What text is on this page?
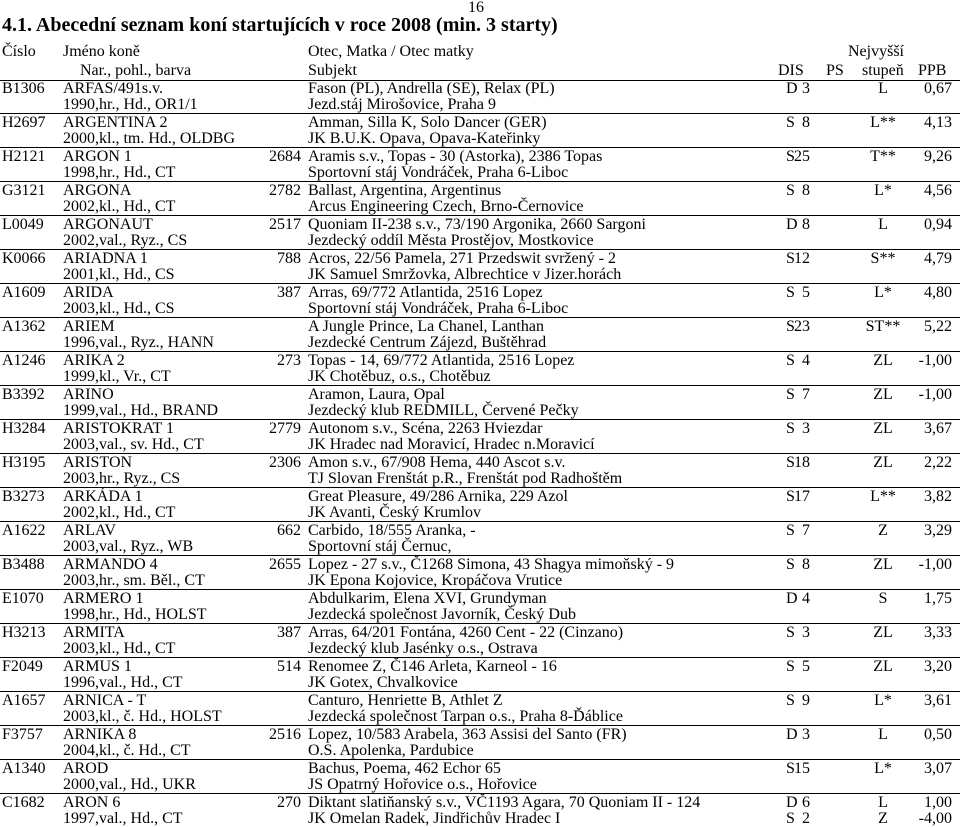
16
4.1. Abecední seznam koní startujících v roce 2008 (min. 3 starty)
Číslo Jméno koně	Otec, Matka / Otec matky	Nejvyšší
Nar., pohl., barva	Subjekt	DIS PS stupeň PPB
B1306 ARFAS/491s.v.	Fason (PL), Andrella (SE), Relax (PL)	D 3	L	0,67
1990,hr., Hd., OR1/1	Jezd.stáj Mirošovice, Praha 9
H2697 ARGENTINA 2	Amman, Silla K, Solo Dancer (GER)	S 8	L**	4,13
2000,kl., tm. Hd., OLDBG	JK B.U.K. Opava, Opava-Kateřinky
H2121 ARGON 1	2684 Aramis s.v., Topas - 30 (Astorka), 2386 Topas	S 25	T**	9,26
1998,hr., Hd., CT	Sportovní stáj Vondráček, Praha 6-Liboc
G3121 ARGONA	2782 Ballast, Argentina, Argentinus	S 8	L*	4,56
2002,kl., Hd., CT	Arcus Engineering Czech, Brno-Černovice
L0049 ARGONAUT	2517 Quoniam II-238 s.v., 73/190 Argonika, 2660 Sargoni	D 8	L	0,94
2002,val., Ryz., CS	Jezdecký oddíl Města Prostějov, Mostkovice
K0066 ARIADNA 1	788 Acros, 22/56 Pamela, 271 Przedswit svržený - 2	S 12	S**	4,79
2001,kl., Hd., CS	JK Samuel Smržovka, Albrechtice v Jizer.horách
A1609 ARIDA	387 Arras, 69/772 Atlantida, 2516 Lopez	S 5	L*	4,80
2003,kl., Hd., CS	Sportovní stáj Vondráček, Praha 6-Liboc
A1362 ARIEM	A Jungle Prince, La Chanel, Lanthan	S 23	ST**	5,22
1996,val., Ryz., HANN	Jezdecké Centrum Zájezd, Buštěhrad
A1246 ARIKA 2	273 Topas - 14, 69/772 Atlantida, 2516 Lopez	S 4	ZL	-1,00
1999,kl., Vr., CT	JK Chotěbuz, o.s., Chotěbuz
B3392 ARINO	Aramon, Laura, Opal	S 7	ZL	-1,00
1999,val., Hd., BRAND	Jezdecký klub REDMILL, Červené Pečky
H3284 ARISTOKRAT 1	2779 Autonom s.v., Scéna, 2263 Hviezdar	S 3	ZL	3,67
2003,val., sv. Hd., CT	JK Hradec nad Moravicí, Hradec n.Moravicí
H3195 ARISTON	2306 Amon s.v., 67/908 Hema, 440 Ascot s.v.	S 18	ZL	2,22
2003,hr., Ryz., CS	TJ Slovan Frenštát p.R., Frenštát pod Radhoštěm
B3273 ARKÁDA 1	Great Pleasure, 49/286 Arnika, 229 Azol	S 17	L**	3,82
2002,kl., Hd., CT	JK Avanti, Český Krumlov
A1622 ARLAV	662 Carbido, 18/555 Aranka, -	S 7	Z	3,29
2003,val., Ryz., WB	Sportovní stáj Černuc,
B3488 ARMANDO 4	2655 Lopez - 27 s.v., Č1268 Simona, 43 Shagya mimoňský - 9	S 8	ZL	-1,00
2003,hr., sm. Běl., CT	JK Epona Kojovice, Kropáčova Vrutice
E1070 ARMERO 1	Abdulkarim, Elena XVI, Grundyman	D 4	S	1,75
1998,hr., Hd., HOLST	Jezdecká společnost Javorník, Český Dub
H3213 ARMITA	387 Arras, 64/201 Fontána, 4260 Cent - 22 (Cinzano)	S 3	ZL	3,33
2003,kl., Hd., CT	Jezdecký klub Jasénky o.s., Ostrava
F2049 ARMUS 1	514 Renomee Z, Č146 Arleta, Karneol - 16	S 5	ZL	3,20
1996,val., Hd., CT	JK Gotex, Chvalkovice
A1657 ARNICA - T	Canturo, Henriette B, Athlet Z	S 9	L*	3,61
2003,kl., č. Hd., HOLST	Jezdecká společnost Tarpan o.s., Praha 8-Ďáblice
F3757 ARNIKA 8	2516 Lopez, 10/583 Arabela, 363 Assisi del Santo (FR)	D 3	L	0,50
2004,kl., č. Hd., CT	O.S. Apolenka, Pardubice
A1340 AROD	Bachus, Poema, 462 Echor 65	S 15	L*	3,07
2000,val., Hd., UKR	JS Opatrný Hořovice o.s., Hořovice
C1682 ARON 6	270 Diktant slatiňanský s.v., VČ1193 Agara, 70 Quoniam II - 124	D 6	L	1,00
1997,val., Hd., CT	JK Omelan Radek, Jindřichův Hradec I	S 2	Z	-4,00
